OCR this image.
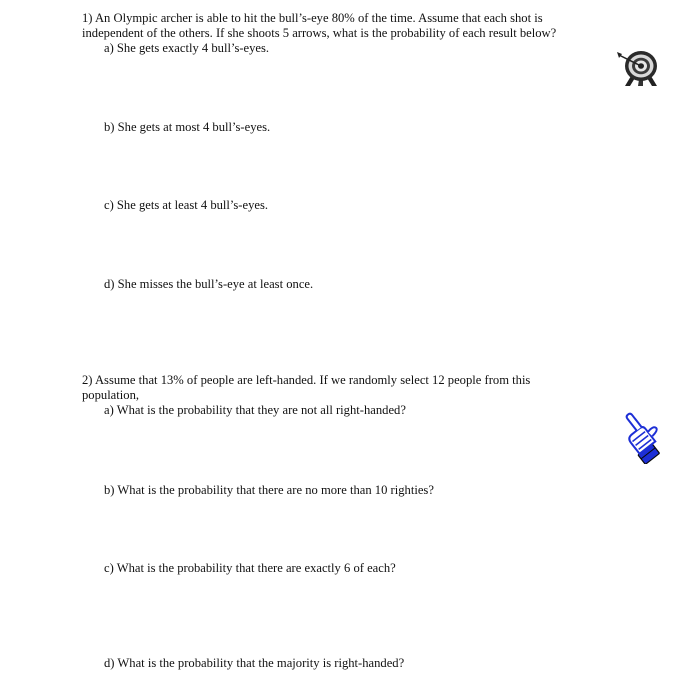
1) An Olympic archer is able to hit the bull’s-eye 80% of the time. Assume that each shot is
independent of the others. If she shoots 5 arrows, what is the probability of each result below?
a) She gets exactly 4 bull’s-eyes.
b) She gets at most 4 bull’s-eyes.
c) She gets at least 4 bull’s-eyes.
d) She misses the bull’s-eye at least once.
2) Assume that 13% of people are left-handed. If we randomly select 12 people from this
population,
a) What is the probability that they are not all right-handed?
b) What is the probability that there are no more than 10 righties?
c) What is the probability that there are exactly 6 of each?
d) What is the probability that the majority is right-handed?
